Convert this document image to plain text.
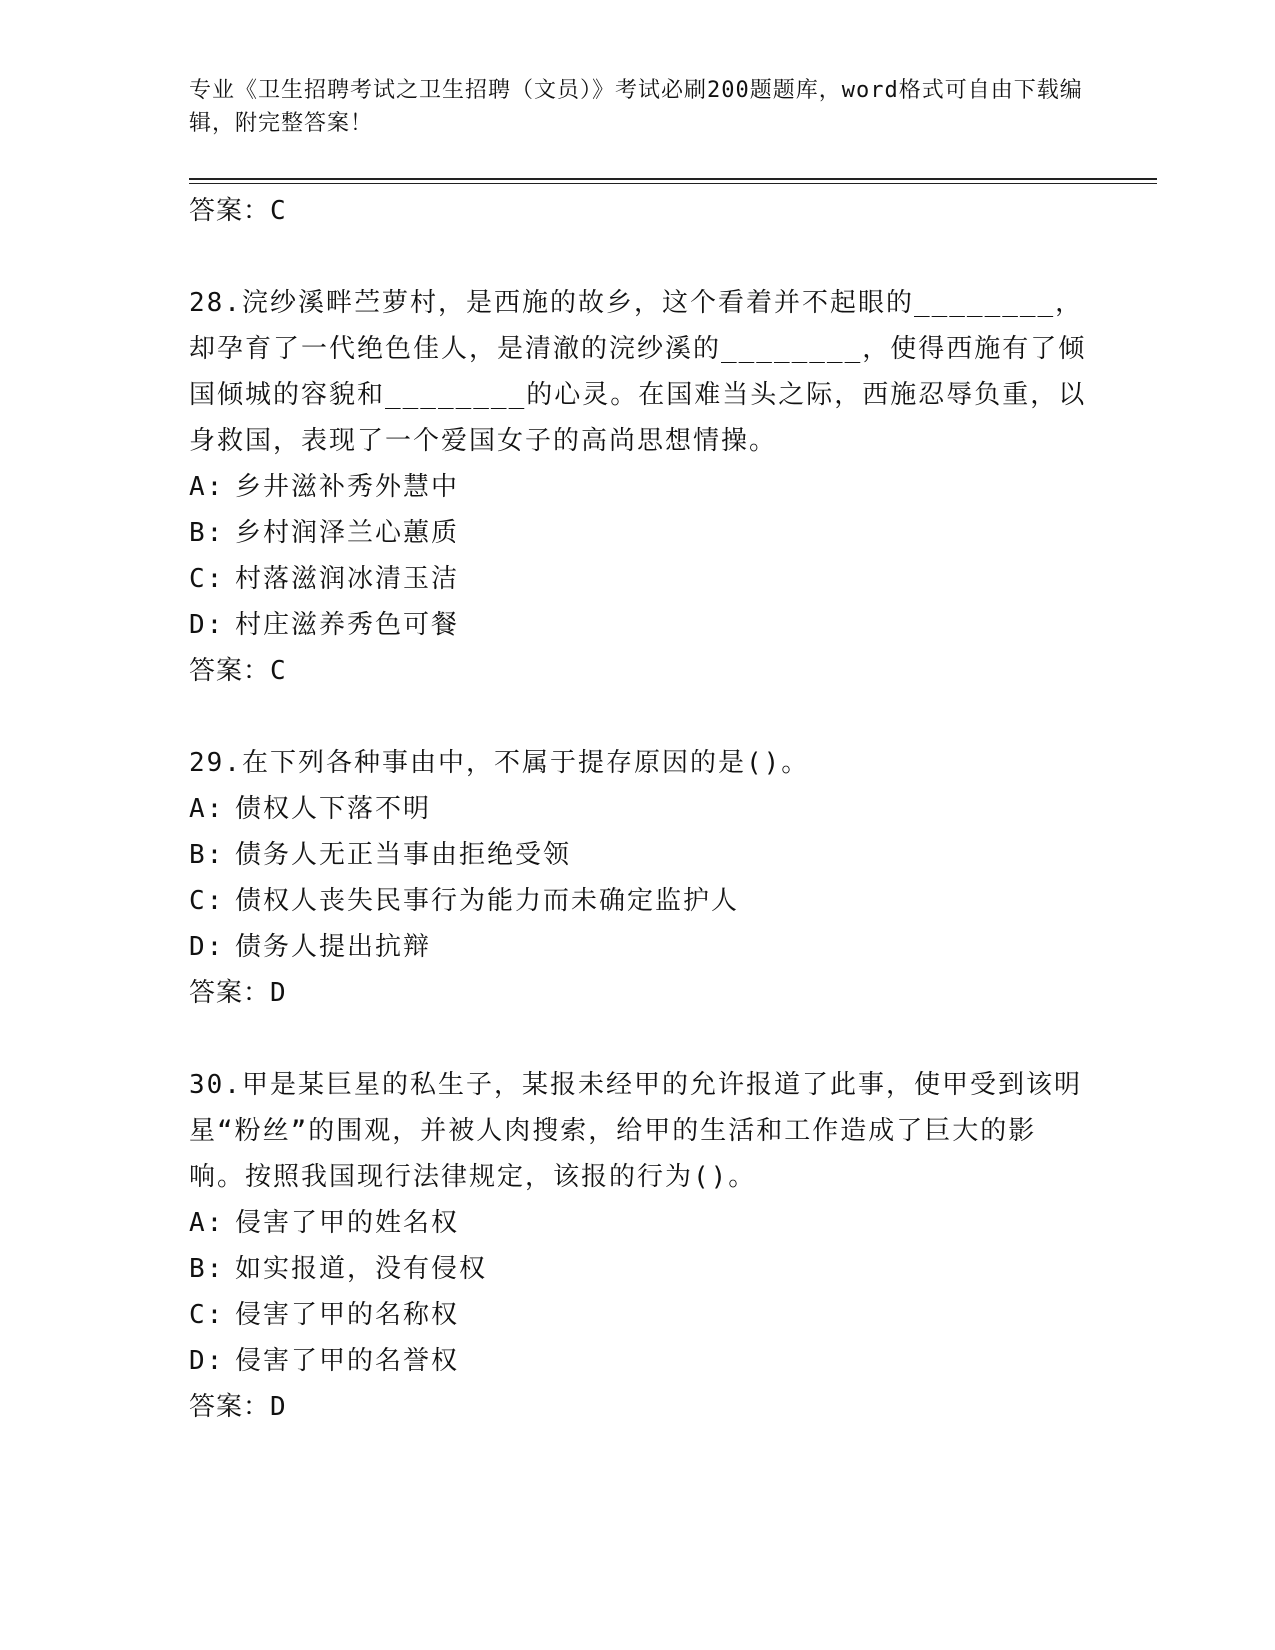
专业《卫生招聘考试之卫生招聘（文员）》考试必刷200题题库，word格式可自由下载编辑，附完整答案！
答案：C

28.浣纱溪畔苎萝村，是西施的故乡，这个看着并不起眼的________，却孕育了一代绝色佳人，是清澈的浣纱溪的________，使得西施有了倾国倾城的容貌和________的心灵。在国难当头之际，西施忍辱负重，以身救国，表现了一个爱国女子的高尚思想情操。

A: 乡井滋补秀外慧中
B: 乡村润泽兰心蕙质
C: 村落滋润冰清玉洁
D: 村庄滋养秀色可餐
答案：C

29.在下列各种事由中，不属于提存原因的是()。

A: 债权人下落不明
B: 债务人无正当事由拒绝受领
C: 债权人丧失民事行为能力而未确定监护人
D: 债务人提出抗辩
答案：D

30.甲是某巨星的私生子，某报未经甲的允许报道了此事，使甲受到该明星“粉丝”的围观，并被人肉搜索，给甲的生活和工作造成了巨大的影响。按照我国现行法律规定，该报的行为()。

A: 侵害了甲的姓名权
B: 如实报道，没有侵权
C: 侵害了甲的名称权
D: 侵害了甲的名誉权
答案：D
